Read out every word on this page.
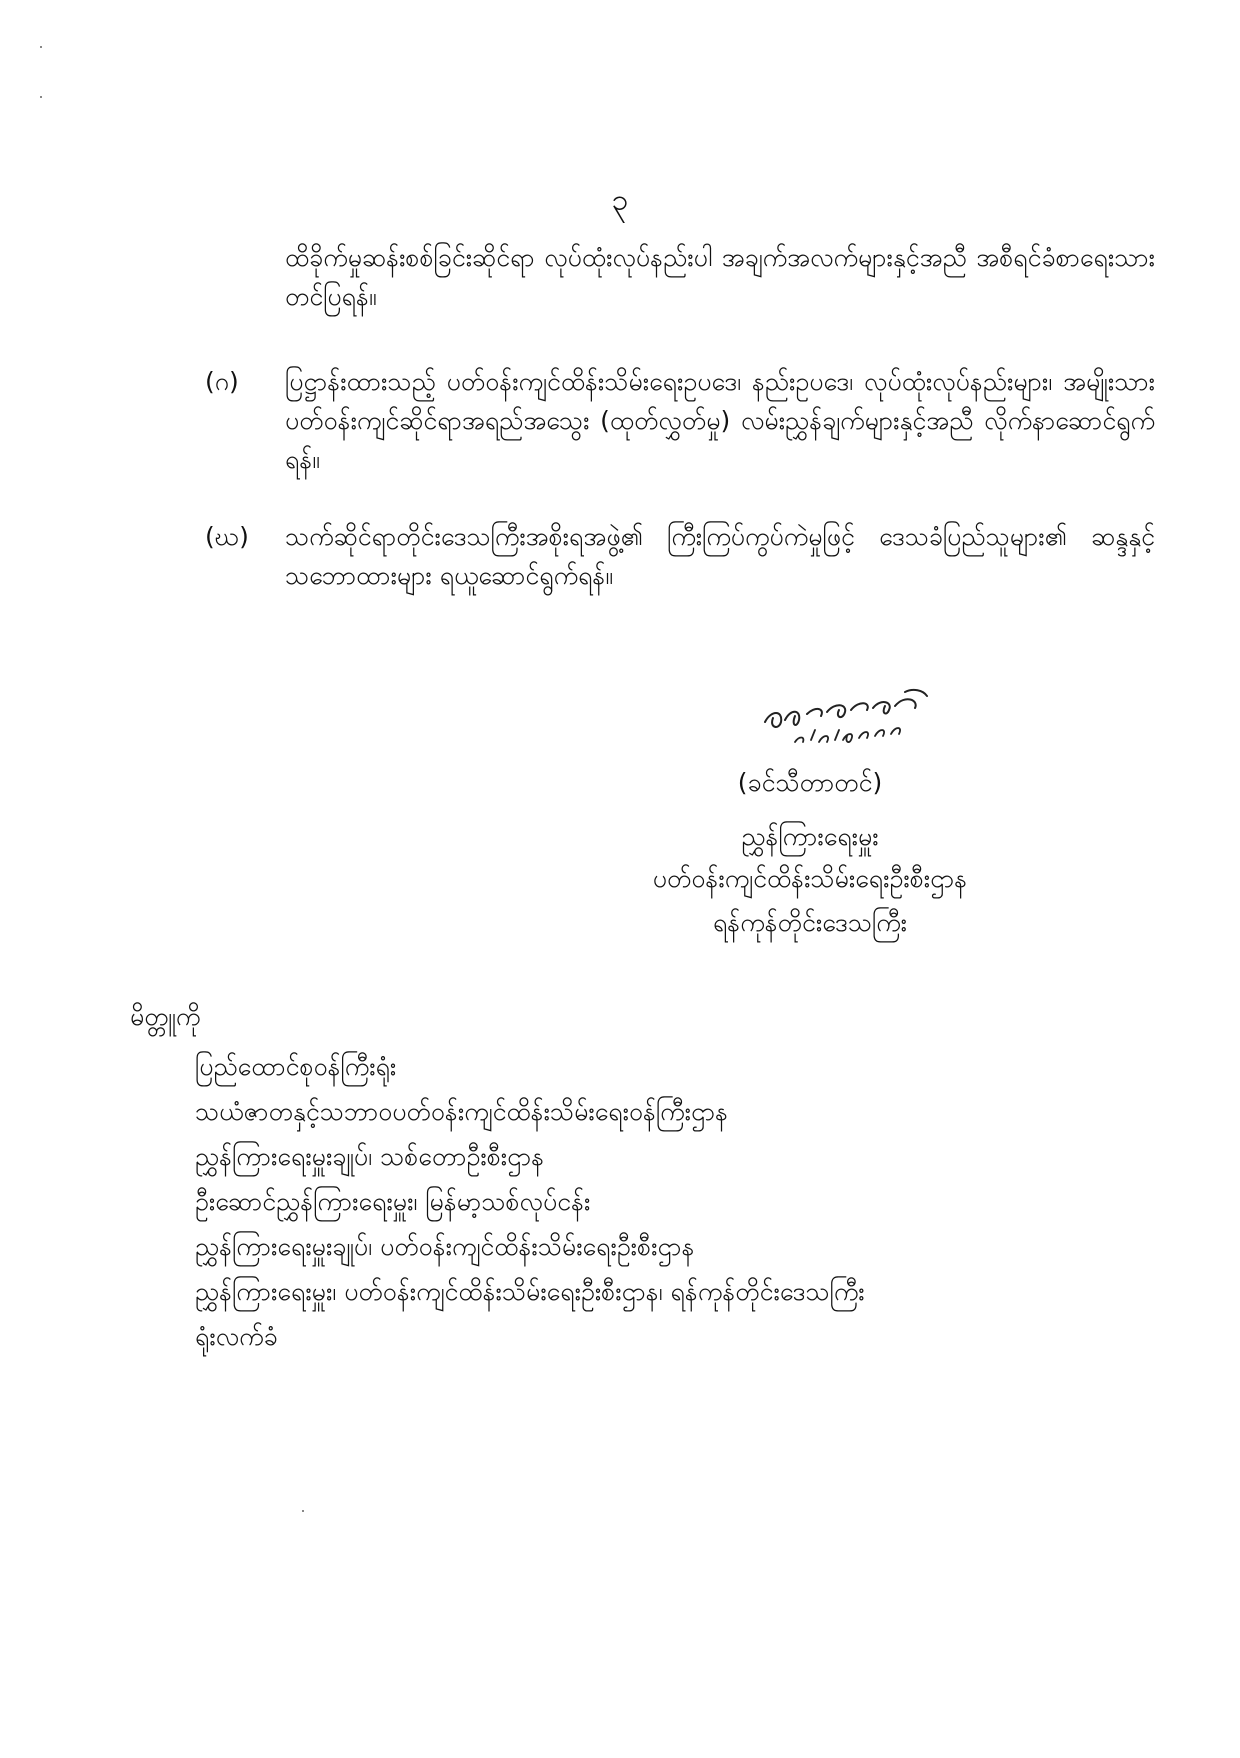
၃
ထိခိုက်မှုဆန်းစစ်ခြင်းဆိုင်ရာ လုပ်ထုံးလုပ်နည်းပါ အချက်အလက်များနှင့်အညီ အစီရင်ခံစာရေးသားတင်ပြရန်။
(ဂ)	ပြဋ္ဌာန်းထားသည့် ပတ်ဝန်းကျင်ထိန်းသိမ်းရေးဥပဒေ၊ နည်းဥပဒေ၊ လုပ်ထုံးလုပ်နည်းများ၊ အမျိုးသားပတ်ဝန်းကျင်ဆိုင်ရာအရည်အသွေး (ထုတ်လွှတ်မှု) လမ်းညွှန်ချက်များနှင့်အညီ လိုက်နာဆောင်ရွက်ရန်။
(ဃ)	သက်ဆိုင်ရာတိုင်းဒေသကြီးအစိုးရအဖွဲ့၏ ကြီးကြပ်ကွပ်ကဲမှုဖြင့် ဒေသခံပြည်သူများ၏ ဆန္ဒနှင့်သဘောထားများ ရယူဆောင်ရွက်ရန်။
(ခင်သီတာတင်)
ညွှန်ကြားရေးမှူး
ပတ်ဝန်းကျင်ထိန်းသိမ်းရေးဦးစီးဌာန
ရန်ကုန်တိုင်းဒေသကြီး
မိတ္တူကို
ပြည်ထောင်စုဝန်ကြီးရုံး
သယံဇာတနှင့်သဘာဝပတ်ဝန်းကျင်ထိန်းသိမ်းရေးဝန်ကြီးဌာန
ညွှန်ကြားရေးမှူးချုပ်၊ သစ်တောဦးစီးဌာန
ဦးဆောင်ညွှန်ကြားရေးမှူး၊ မြန်မာ့သစ်လုပ်ငန်း
ညွှန်ကြားရေးမှူးချုပ်၊ ပတ်ဝန်းကျင်ထိန်းသိမ်းရေးဦးစီးဌာန
ညွှန်ကြားရေးမှူး၊ ပတ်ဝန်းကျင်ထိန်းသိမ်းရေးဦးစီးဌာန၊ ရန်ကုန်တိုင်းဒေသကြီး
ရုံးလက်ခံ
